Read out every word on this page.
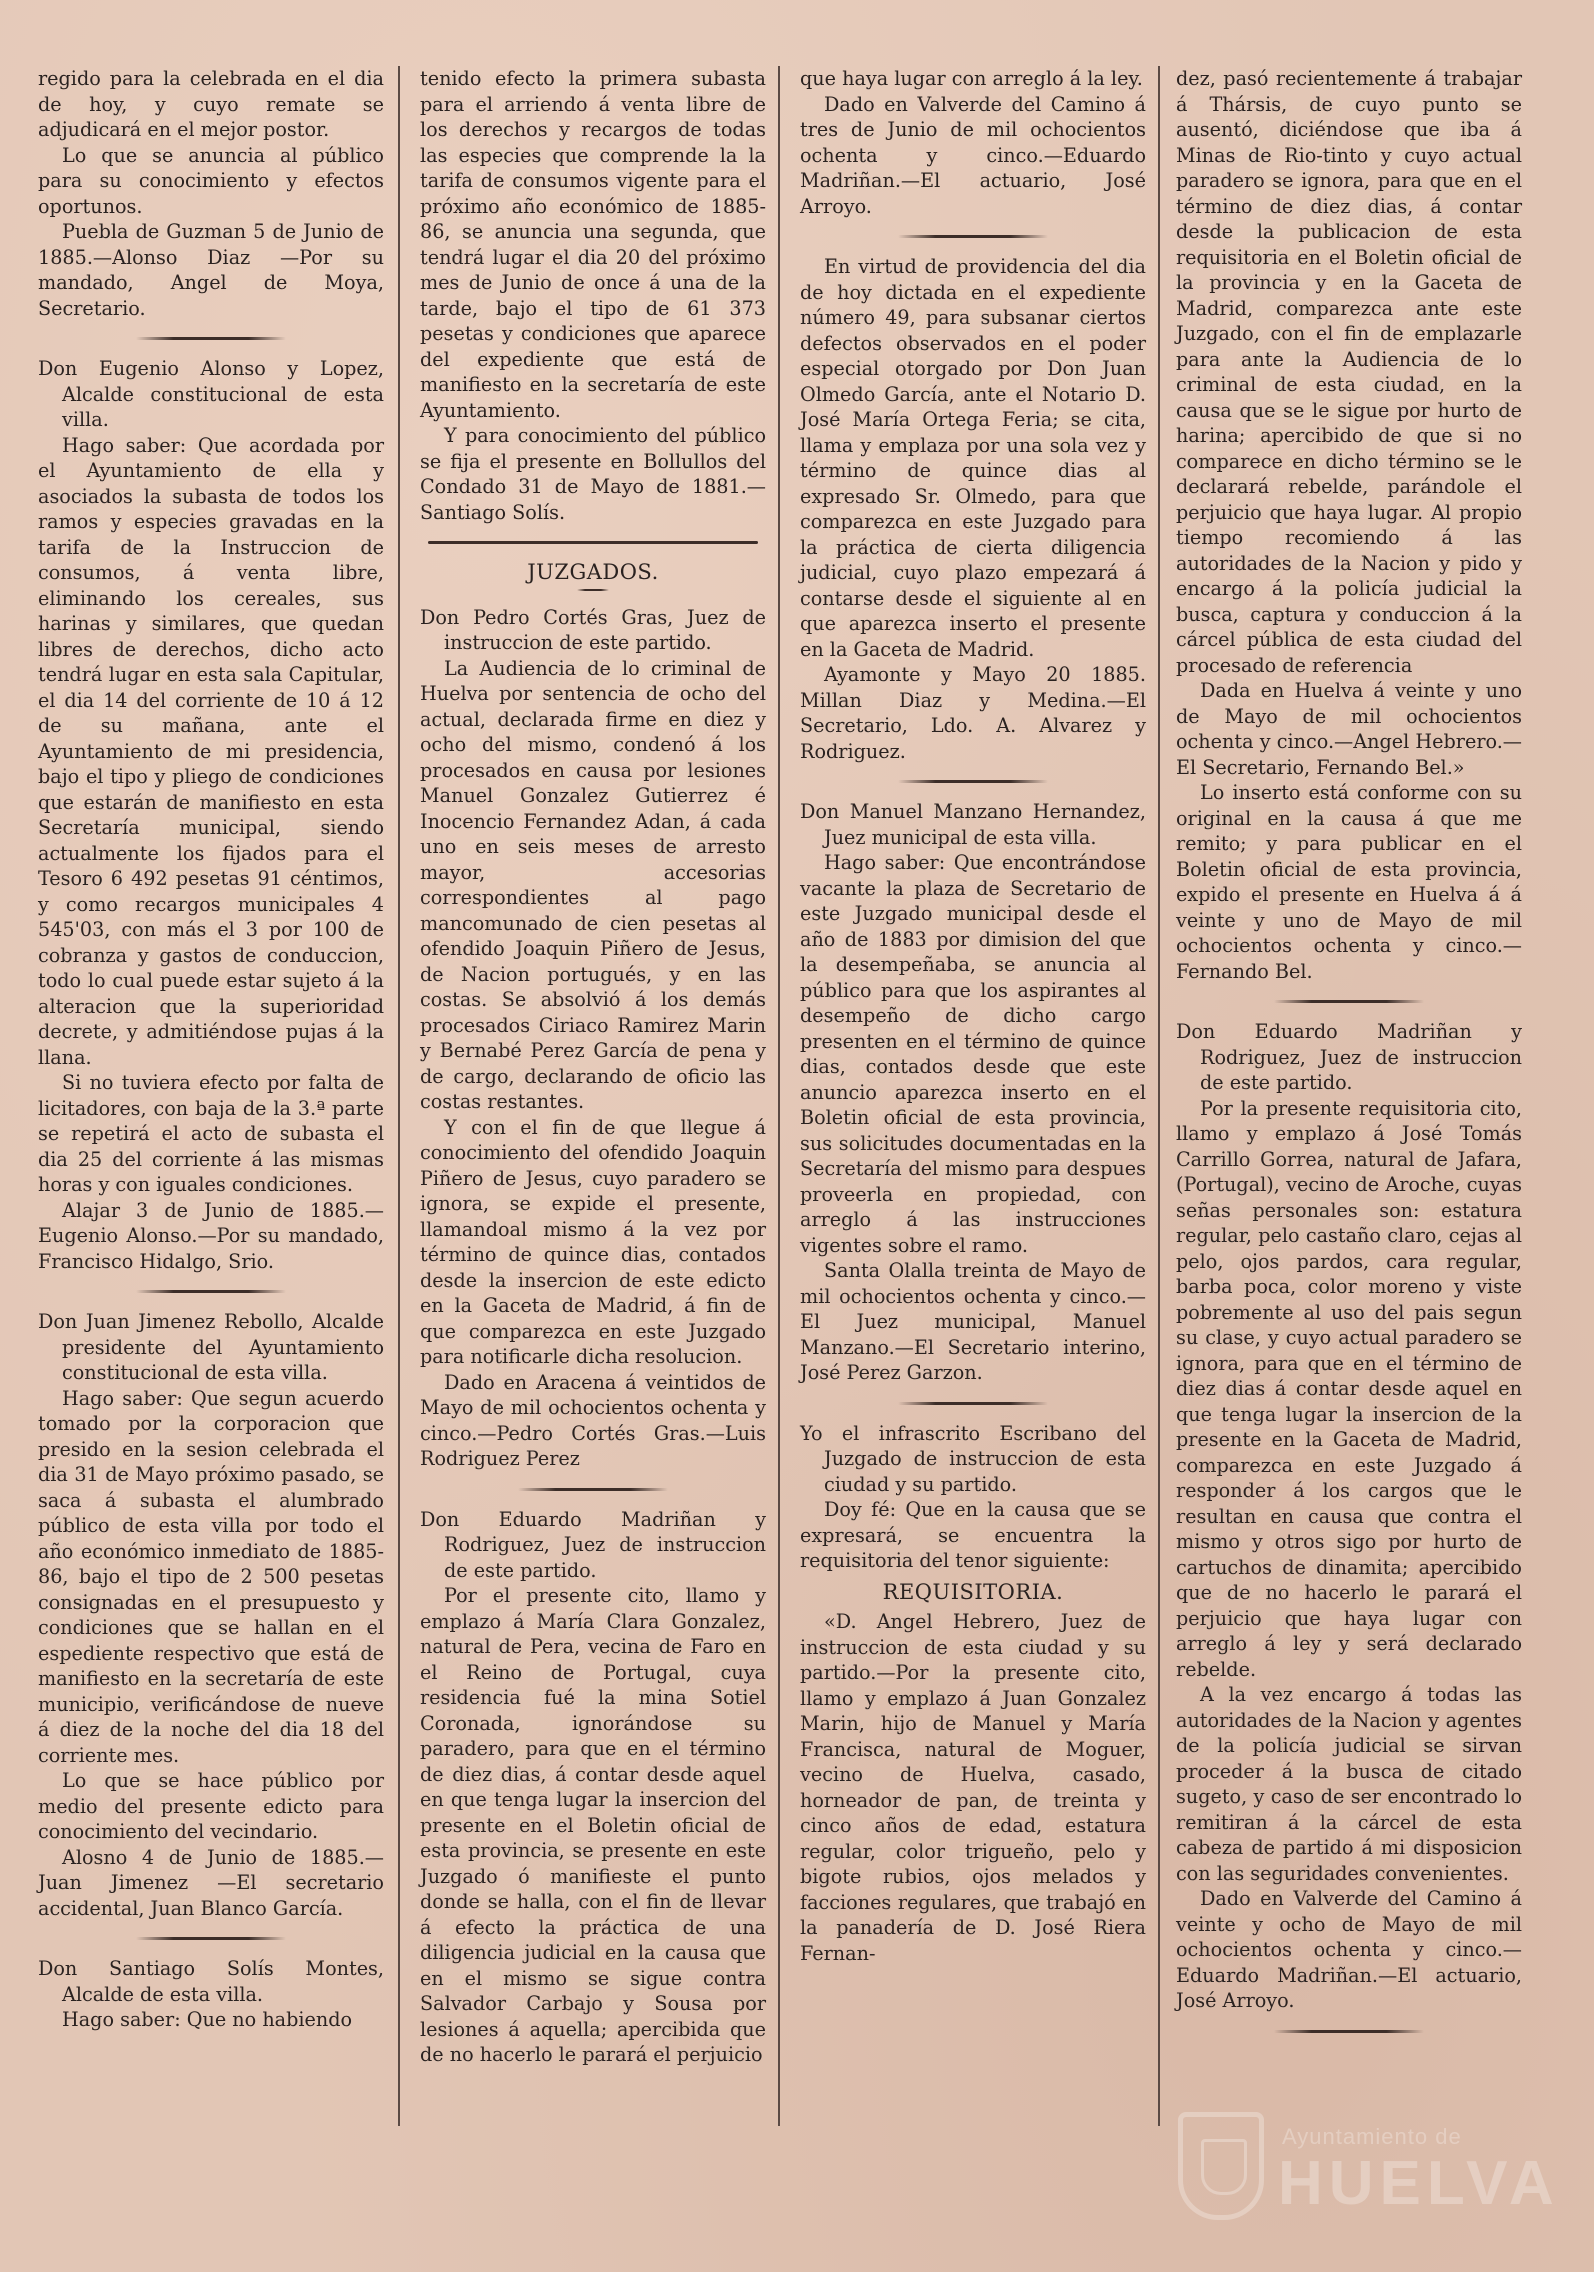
regido para la celebrada en el dia de hoy, y cuyo remate se adjudicará en el mejor postor.

Lo que se anuncia al público para su conocimiento y efectos oportunos.

Puebla de Guzman 5 de Junio de 1885.—Alonso Diaz —Por su mandado, Angel de Moya, Secretario.

Don Eugenio Alonso y Lopez, Alcalde constitucional de esta villa.

Hago saber: Que acordada por el Ayuntamiento de ella y asociados la subasta de todos los ramos y especies gravadas en la tarifa de la Instruccion de consumos, á venta libre, eliminando los cereales, sus harinas y similares, que quedan libres de derechos, dicho acto tendrá lugar en esta sala Capitular, el dia 14 del corriente de 10 á 12 de su mañana, ante el Ayuntamiento de mi presidencia, bajo el tipo y pliego de condiciones que estarán de manifiesto en esta Secretaría municipal, siendo actualmente los fijados para el Tesoro 6 492 pesetas 91 céntimos, y como recargos municipales 4 545'03, con más el 3 por 100 de cobranza y gastos de conduccion, todo lo cual puede estar sujeto á la alteracion que la superioridad decrete, y admitiéndose pujas á la llana.

Si no tuviera efecto por falta de licitadores, con baja de la 3.ª parte se repetirá el acto de subasta el dia 25 del corriente á las mismas horas y con iguales condiciones.

Alajar 3 de Junio de 1885.—Eugenio Alonso.—Por su mandado, Francisco Hidalgo, Srio.

Don Juan Jimenez Rebollo, Alcalde presidente del Ayuntamiento constitucional de esta villa.

Hago saber: Que segun acuerdo tomado por la corporacion que presido en la sesion celebrada el dia 31 de Mayo próximo pasado, se saca á subasta el alumbrado público de esta villa por todo el año económico inmediato de 1885-86, bajo el tipo de 2 500 pesetas consignadas en el presupuesto y condiciones que se hallan en el espediente respectivo que está de manifiesto en la secretaría de este municipio, verificándose de nueve á diez de la noche del dia 18 del corriente mes.

Lo que se hace público por medio del presente edicto para conocimiento del vecindario.

Alosno 4 de Junio de 1885.—Juan Jimenez —El secretario accidental, Juan Blanco García.

Don Santiago Solís Montes, Alcalde de esta villa.

Hago saber: Que no habiendo

tenido efecto la primera subasta para el arriendo á venta libre de los derechos y recargos de todas las especies que comprende la la tarifa de consumos vigente para el próximo año económico de 1885-86, se anuncia una segunda, que tendrá lugar el dia 20 del próximo mes de Junio de once á una de la tarde, bajo el tipo de 61 373 pesetas y condiciones que aparece del expediente que está de manifiesto en la secretaría de este Ayuntamiento.

Y para conocimiento del público se fija el presente en Bollullos del Condado 31 de Mayo de 1881.—Santiago Solís.

JUZGADOS.

Don Pedro Cortés Gras, Juez de instruccion de este partido.

La Audiencia de lo criminal de Huelva por sentencia de ocho del actual, declarada firme en diez y ocho del mismo, condenó á los procesados en causa por lesiones Manuel Gonzalez Gutierrez é Inocencio Fernandez Adan, á cada uno en seis meses de arresto mayor, accesorias correspondientes al pago mancomunado de cien pesetas al ofendido Joaquin Piñero de Jesus, de Nacion portugués, y en las costas. Se absolvió á los demás procesados Ciriaco Ramirez Marin y Bernabé Perez García de pena y de cargo, declarando de oficio las costas restantes.

Y con el fin de que llegue á conocimiento del ofendido Joaquin Piñero de Jesus, cuyo paradero se ignora, se expide el presente, llamandoal mismo á la vez por término de quince dias, contados desde la insercion de este edicto en la Gaceta de Madrid, á fin de que comparezca en este Juzgado para notificarle dicha resolucion.

Dado en Aracena á veintidos de Mayo de mil ochocientos ochenta y cinco.—Pedro Cortés Gras.—Luis Rodriguez Perez

Don Eduardo Madriñan y Rodriguez, Juez de instruccion de este partido.

Por el presente cito, llamo y emplazo á María Clara Gonzalez, natural de Pera, vecina de Faro en el Reino de Portugal, cuya residencia fué la mina Sotiel Coronada, ignorándose su paradero, para que en el término de diez dias, á contar desde aquel en que tenga lugar la insercion del presente en el Boletin oficial de esta provincia, se presente en este Juzgado ó manifieste el punto donde se halla, con el fin de llevar á efecto la práctica de una diligencia judicial en la causa que en el mismo se sigue contra Salvador Carbajo y Sousa por lesiones á aquella; apercibida que de no hacerlo le parará el perjuicio

que haya lugar con arreglo á la ley.

Dado en Valverde del Camino á tres de Junio de mil ochocientos ochenta y cinco.—Eduardo Madriñan.—El actuario, José Arroyo.

En virtud de providencia del dia de hoy dictada en el expediente número 49, para subsanar ciertos defectos observados en el poder especial otorgado por Don Juan Olmedo García, ante el Notario D. José María Ortega Feria; se cita, llama y emplaza por una sola vez y término de quince dias al expresado Sr. Olmedo, para que comparezca en este Juzgado para la práctica de cierta diligencia judicial, cuyo plazo empezará á contarse desde el siguiente al en que aparezca inserto el presente en la Gaceta de Madrid.

Ayamonte y Mayo 20 1885. Millan Diaz y Medina.—El Secretario, Ldo. A. Alvarez y Rodriguez.

Don Manuel Manzano Hernandez, Juez municipal de esta villa.

Hago saber: Que encontrándose vacante la plaza de Secretario de este Juzgado municipal desde el año de 1883 por dimision del que la desempeñaba, se anuncia al público para que los aspirantes al desempeño de dicho cargo presenten en el término de quince dias, contados desde que este anuncio aparezca inserto en el Boletin oficial de esta provincia, sus solicitudes documentadas en la Secretaría del mismo para despues proveerla en propiedad, con arreglo á las instrucciones vigentes sobre el ramo.

Santa Olalla treinta de Mayo de mil ochocientos ochenta y cinco.—El Juez municipal, Manuel Manzano.—El Secretario interino, José Perez Garzon.

Yo el infrascrito Escribano del Juzgado de instruccion de esta ciudad y su partido.

Doy fé: Que en la causa que se expresará, se encuentra la requisitoria del tenor siguiente:

REQUISITORIA.

«D. Angel Hebrero, Juez de instruccion de esta ciudad y su partido.—Por la presente cito, llamo y emplazo á Juan Gonzalez Marin, hijo de Manuel y María Francisca, natural de Moguer, vecino de Huelva, casado, horneador de pan, de treinta y cinco años de edad, estatura regular, color trigueño, pelo y bigote rubios, ojos melados y facciones regulares, que trabajó en la panadería de D. José Riera Fernan-

dez, pasó recientemente á trabajar á Thársis, de cuyo punto se ausentó, diciéndose que iba á Minas de Rio-tinto y cuyo actual paradero se ignora, para que en el término de diez dias, á contar desde la publicacion de esta requisitoria en el Boletin oficial de la provincia y en la Gaceta de Madrid, comparezca ante este Juzgado, con el fin de emplazarle para ante la Audiencia de lo criminal de esta ciudad, en la causa que se le sigue por hurto de harina; apercibido de que si no comparece en dicho término se le declarará rebelde, parándole el perjuicio que haya lugar. Al propio tiempo recomiendo á las autoridades de la Nacion y pido y encargo á la policía judicial la busca, captura y conduccion á la cárcel pública de esta ciudad del procesado de referencia

Dada en Huelva á veinte y uno de Mayo de mil ochocientos ochenta y cinco.—Angel Hebrero.—El Secretario, Fernando Bel.»

Lo inserto está conforme con su original en la causa á que me remito; y para publicar en el Boletin oficial de esta provincia, expido el presente en Huelva á á veinte y uno de Mayo de mil ochocientos ochenta y cinco.—Fernando Bel.

Don Eduardo Madriñan y Rodriguez, Juez de instruccion de este partido.

Por la presente requisitoria cito, llamo y emplazo á José Tomás Carrillo Gorrea, natural de Jafara, (Portugal), vecino de Aroche, cuyas señas personales son: estatura regular, pelo castaño claro, cejas al pelo, ojos pardos, cara regular, barba poca, color moreno y viste pobremente al uso del pais segun su clase, y cuyo actual paradero se ignora, para que en el término de diez dias á contar desde aquel en que tenga lugar la insercion de la presente en la Gaceta de Madrid, comparezca en este Juzgado á responder á los cargos que le resultan en causa que contra el mismo y otros sigo por hurto de cartuchos de dinamita; apercibido que de no hacerlo le parará el perjuicio que haya lugar con arreglo á ley y será declarado rebelde.

A la vez encargo á todas las autoridades de la Nacion y agentes de la policía judicial se sirvan proceder á la busca de citado sugeto, y caso de ser encontrado lo remitiran á la cárcel de esta cabeza de partido á mi disposicion con las seguridades convenientes.

Dado en Valverde del Camino á veinte y ocho de Mayo de mil ochocientos ochenta y cinco.—Eduardo Madriñan.—El actuario, José Arroyo.

Ayuntamiento de
HUELVA
